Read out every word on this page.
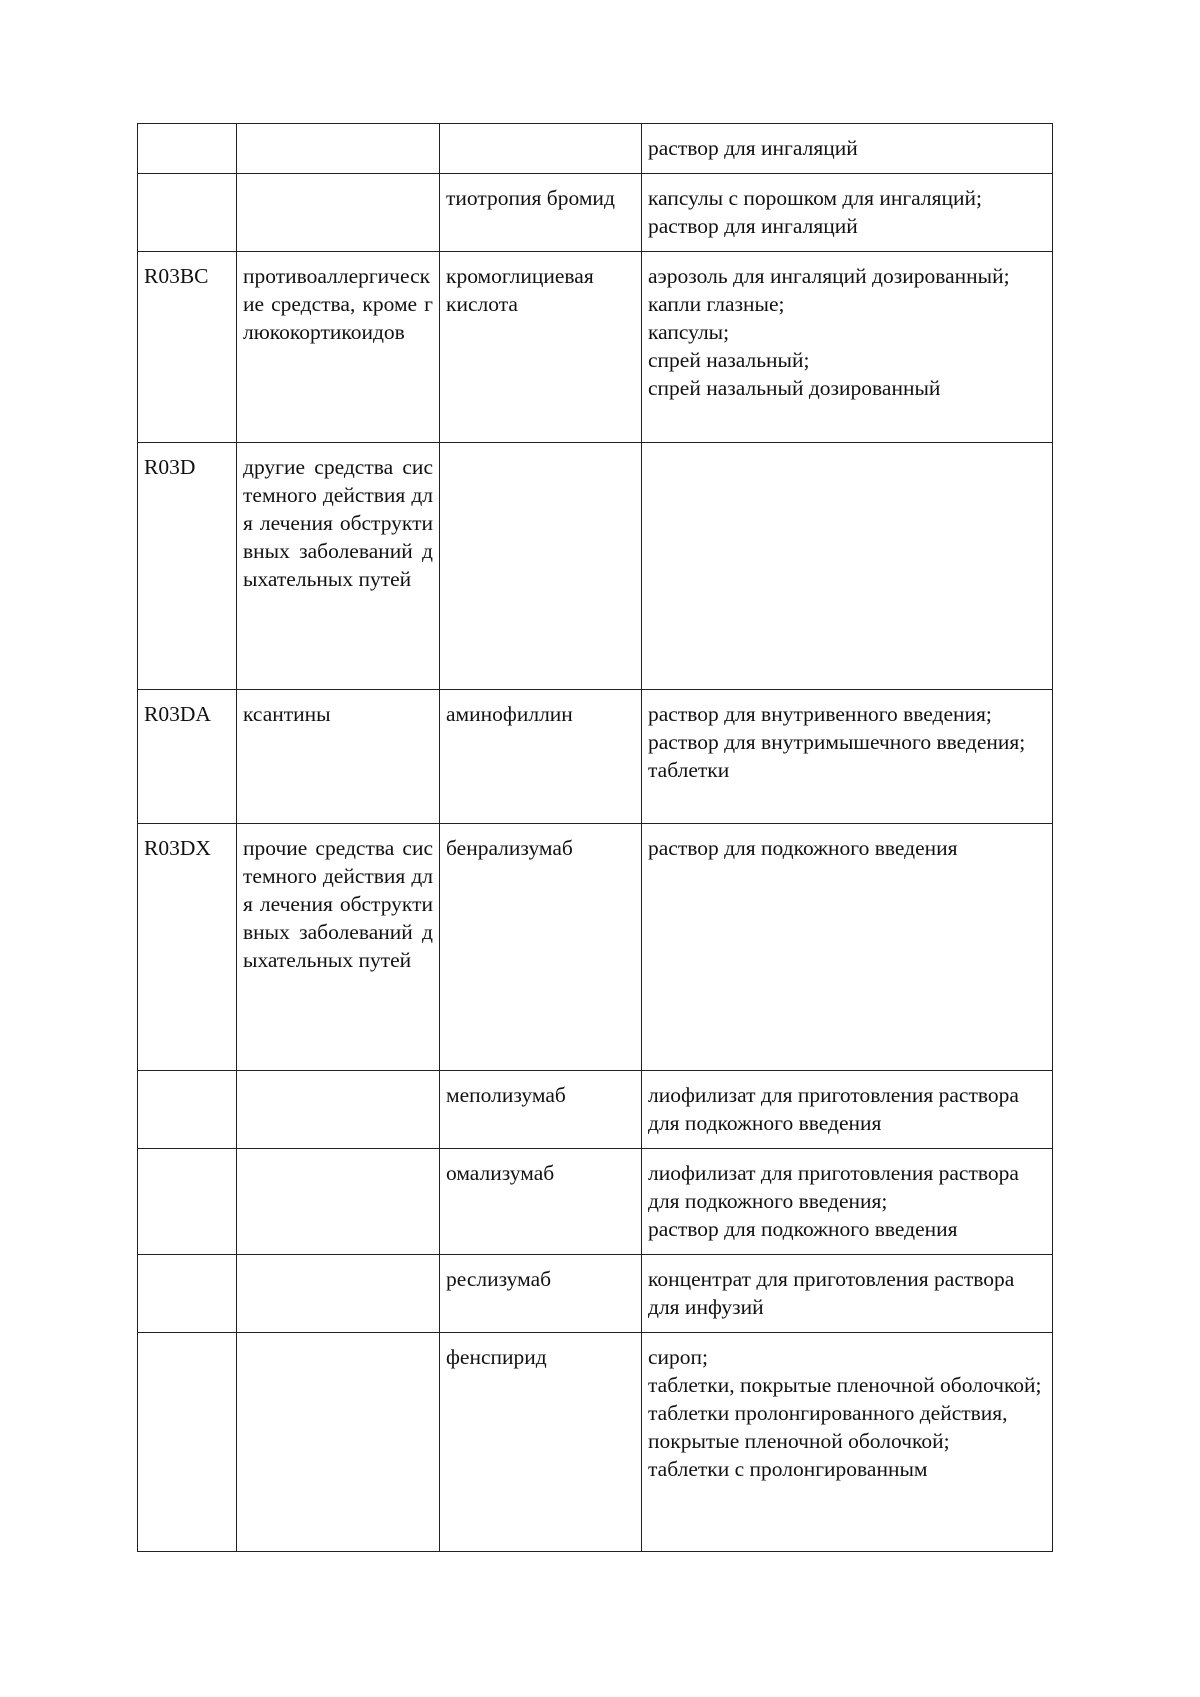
			раствор для ингаляций

		тиотропия бромид	капсулы с порошком для ингаляций;
раствор для ингаляций

R03BC	противоаллергические средства, кроме глюкокортикоидов	кромоглициевая кислота	аэрозоль для ингаляций дозированный;
капли глазные;
капсулы;
спрей назальный;
спрей назальный дозированный

R03D	другие средства системного действия для лечения обструктивных заболеваний дыхательных путей		
R03DA	ксантины	аминофиллин	раствор для внутривенного введения;
раствор для внутримышечного введения;
таблетки

R03DX	прочие средства системного действия для лечения обструктивных заболеваний дыхательных путей	бенрализумаб	раствор для подкожного введения

		меполизумаб	лиофилизат для приготовления раствора для подкожного введения

		омализумаб	лиофилизат для приготовления раствора для подкожного введения;
раствор для подкожного введения

		реслизумаб	концентрат для приготовления раствора для инфузий

		фенспирид	сироп;
таблетки, покрытые пленочной оболочкой;
таблетки пролонгированного действия, покрытые пленочной оболочкой;
таблетки с пролонгированным
